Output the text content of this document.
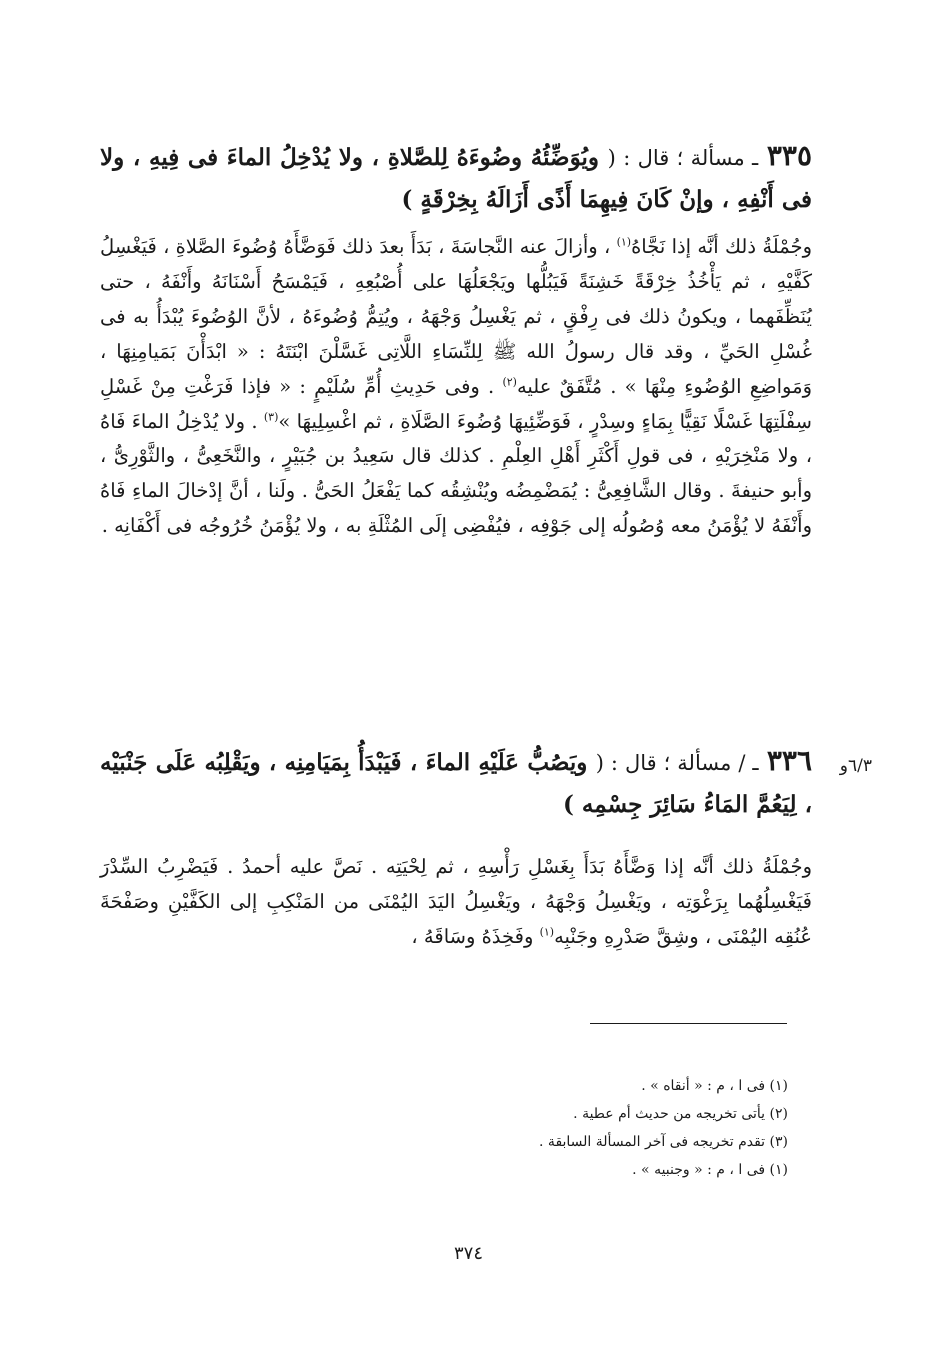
٣٣٥ ـ مسألة ؛ قال : ( ويُوَضِّئُهُ وضُوءَهُ لِلصَّلاةِ ، ولا يُدْخِلُ الماءَ فى فِيهِ ، ولا فى أَنْفِهِ ، وإنْ كَانَ فِيهِمَا أَذًى أَزَالَهُ بِخِرْقَةٍ )

وجُمْلَةُ ذلك أنَّه إذا نَجَّاهُ$^{(١)}$ ، وأزالَ عنه النَّجاسَةَ ، بَدَأَ بعدَ ذلك فَوَضَّأَهُ وُضُوءَ الصَّلاةِ ، فَيَغْسِلُ كَفَّيْهِ ، ثم يَأْخُذُ خِرْقَةً خَشِنَةً فَيَبُلُّها ويَجْعَلُهَا على أُصْبُعِهِ ، فَيَمْسَحُ أَسْنَانَهُ وأَنْفَهُ ، حتى يُنَظِّفَهما ، ويكونُ ذلك فى رِفْقٍ ، ثم يَغْسِلُ وَجْهَهُ ، ويُتِمُّ وُضُوءَهُ ، لأنَّ الوُضُوءَ يُبْدَأُ به فى غُسْلِ الحَيِّ ، وقد قال رسولُ الله ﷺ لِلنِّسَاءِ اللَّاتِى غَسَّلْنَ ابْنَتَهُ : « ابْدَأْنَ بَمَيامِنِهَا ، وَمَواضِعِ الوُضُوءِ مِنْهَا » . مُتَّفَقٌ عليه$^{(٢)}$ . وفى حَدِيثِ أُمِّ سُلَيْمٍ : « فإذا فَرَغْتِ مِنْ غَسْلِ سِفْلَتِهَا غَسْلًا نَقِيًّا بِمَاءٍ وسِدْرٍ ، فَوَضِّئِيهَا وُضُوءَ الصَّلَاةِ ، ثم اغْسِلِيهَا »$^{(٣)}$ . ولا يُدْخِلُ الماءَ فَاهُ ، ولا مَنْخِرَيْهِ ، فى قولِ أَكْثَرِ أَهْلِ العِلْمِ . كذلك قال سَعِيدُ بن جُبَيْرٍ ، والنَّخَعِىُّ ، والثَّوْرِىُّ ، وأبو حنيفةَ . وقال الشَّافِعِىُّ : يُمَضْمِضُه ويُنْشِقُه كما يَفْعَلُ الحَىُّ . ولَنا ، أنَّ إدْخالَ الماءِ فَاهُ وأَنْفَهُ لا يُؤْمَنُ معه وُصُولُه إلى جَوْفِه ، فيُفْضِى إلَى المُثْلَةِ به ، ولا يُؤْمَنُ خُرُوجُه فى أَكْفَانِه .

٦/٣و
٣٣٦ ـ / مسألة ؛ قال : ( ويَصُبُّ عَلَيْهِ الماءَ ، فَيَبْدَأُ بِمَيَامِنِه ، ويَقْلِبُه عَلَى جَنْبَيْه ، لِيَعُمَّ المَاءُ سَائِرَ جِسْمِه )

وجُمْلَةُ ذلك أنَّه إذا وَضَّأَهُ بَدَأَ بِغَسْلِ رَأْسِهِ ، ثم لِحْيَتِه . نَصَّ عليه أحمدُ . فَيَضْرِبُ السِّدْرَ فَيَغْسِلُهُما بِرَغْوَتِه ، ويَغْسِلُ وَجْهَهُ ، ويَغْسِلُ اليَدَ اليُمْنَى من المَنْكِبِ إلى الكَفَّيْنِ وصَفْحَةَ عُنُقِه اليُمْنَى ، وشِقَّ صَدْرِهِ وجَنْبِه$^{(١)}$ وفَخِذَهُ وسَاقَهُ ،

(١) فى ا ، م : « أنقاه » .
(٢) يأتى تخريجه من حديث أم عطية .
(٣) تقدم تخريجه فى آخر المسألة السابقة .
(١) فى ا ، م : « وجنبيه » .
٣٧٤
